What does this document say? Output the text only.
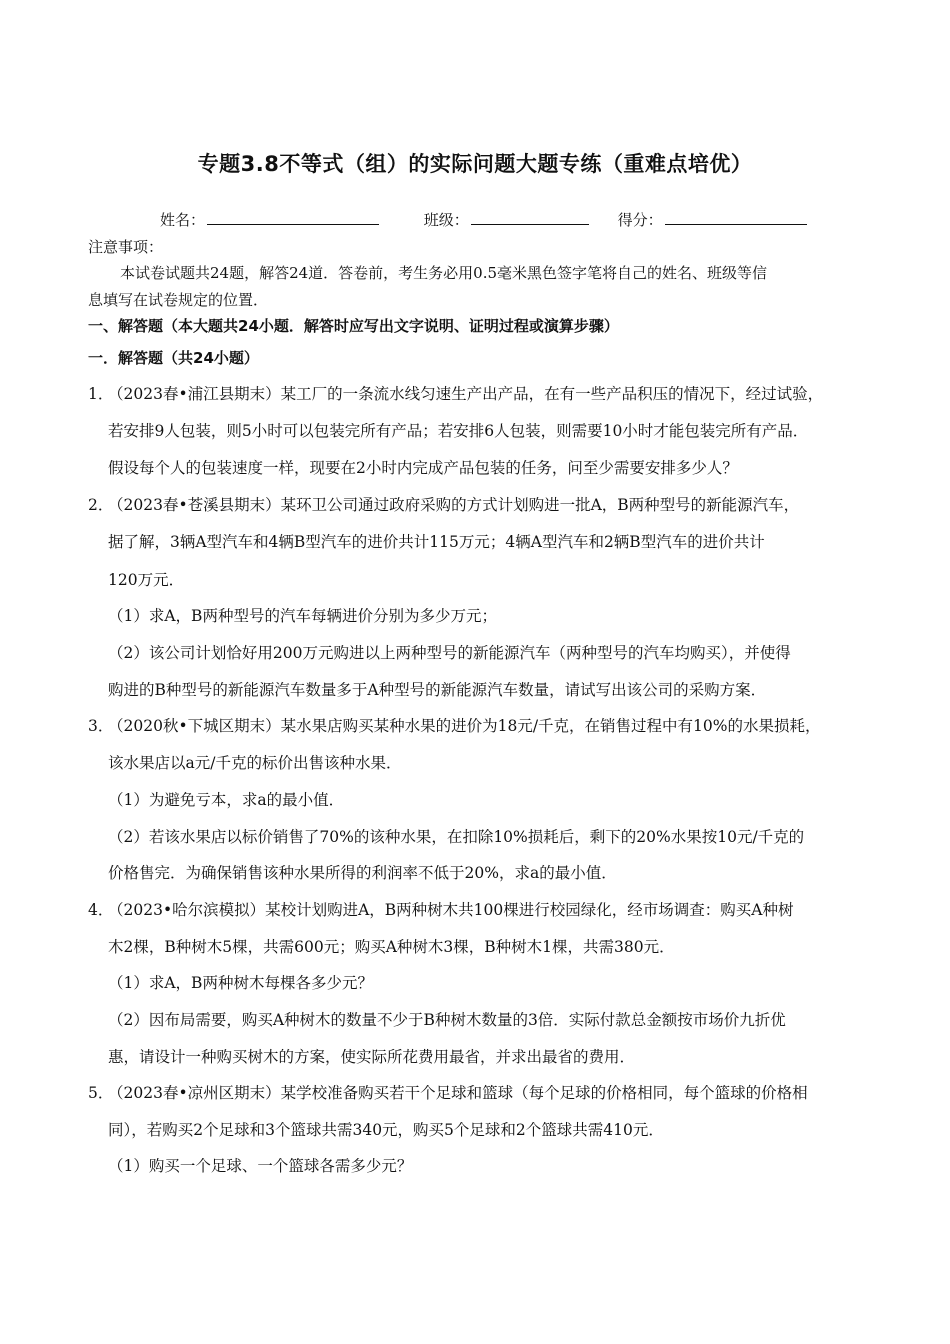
专题3.8不等式（组）的实际问题大题专练（重难点培优）
姓名：	班级：	得分：
注意事项：
本试卷试题共24题，解答24道．答卷前，考生务必用0.5毫米黑色签字笔将自己的姓名、班级等信
息填写在试卷规定的位置．
一、解答题（本大题共24小题．解答时应写出文字说明、证明过程或演算步骤）
一．解答题（共24小题）
1．
（2023春•浦江县期末）某工厂的一条流水线匀速生产出产品，在有一些产品积压的情况下，经过试验，
若安排9人包装，则5小时可以包装完所有产品；若安排6人包装，则需要10小时才能包装完所有产品．
假设每个人的包装速度一样，现要在2小时内完成产品包装的任务，问至少需要安排多少人？
2．
（2023春•苍溪县期末）某环卫公司通过政府采购的方式计划购进一批A，B两种型号的新能源汽车，
据了解，3辆A型汽车和4辆B型汽车的进价共计115万元；4辆A型汽车和2辆B型汽车的进价共计
120万元．
（1）求A，B两种型号的汽车每辆进价分别为多少万元；
（2）该公司计划恰好用200万元购进以上两种型号的新能源汽车（两种型号的汽车均购买），并使得
购进的B种型号的新能源汽车数量多于A种型号的新能源汽车数量，请试写出该公司的采购方案．
3．
（2020秋•下城区期末）某水果店购买某种水果的进价为18元/千克，在销售过程中有10%的水果损耗，
该水果店以a元/千克的标价出售该种水果．
（1）为避免亏本，求a的最小值．
（2）若该水果店以标价销售了70%的该种水果，在扣除10%损耗后，剩下的20%水果按10元/千克的
价格售完．为确保销售该种水果所得的利润率不低于20%，求a的最小值．
4．
（2023•哈尔滨模拟）某校计划购进A，B两种树木共100棵进行校园绿化，经市场调查：购买A种树
木2棵，B种树木5棵，共需600元；购买A种树木3棵，B种树木1棵，共需380元．
（1）求A，B两种树木每棵各多少元？
（2）因布局需要，购买A种树木的数量不少于B种树木数量的3倍．实际付款总金额按市场价九折优
惠，请设计一种购买树木的方案，使实际所花费用最省，并求出最省的费用．
5．
（2023春•凉州区期末）某学校准备购买若干个足球和篮球（每个足球的价格相同，每个篮球的价格相
同），若购买2个足球和3个篮球共需340元，购买5个足球和2个篮球共需410元．
（1）购买一个足球、一个篮球各需多少元？
